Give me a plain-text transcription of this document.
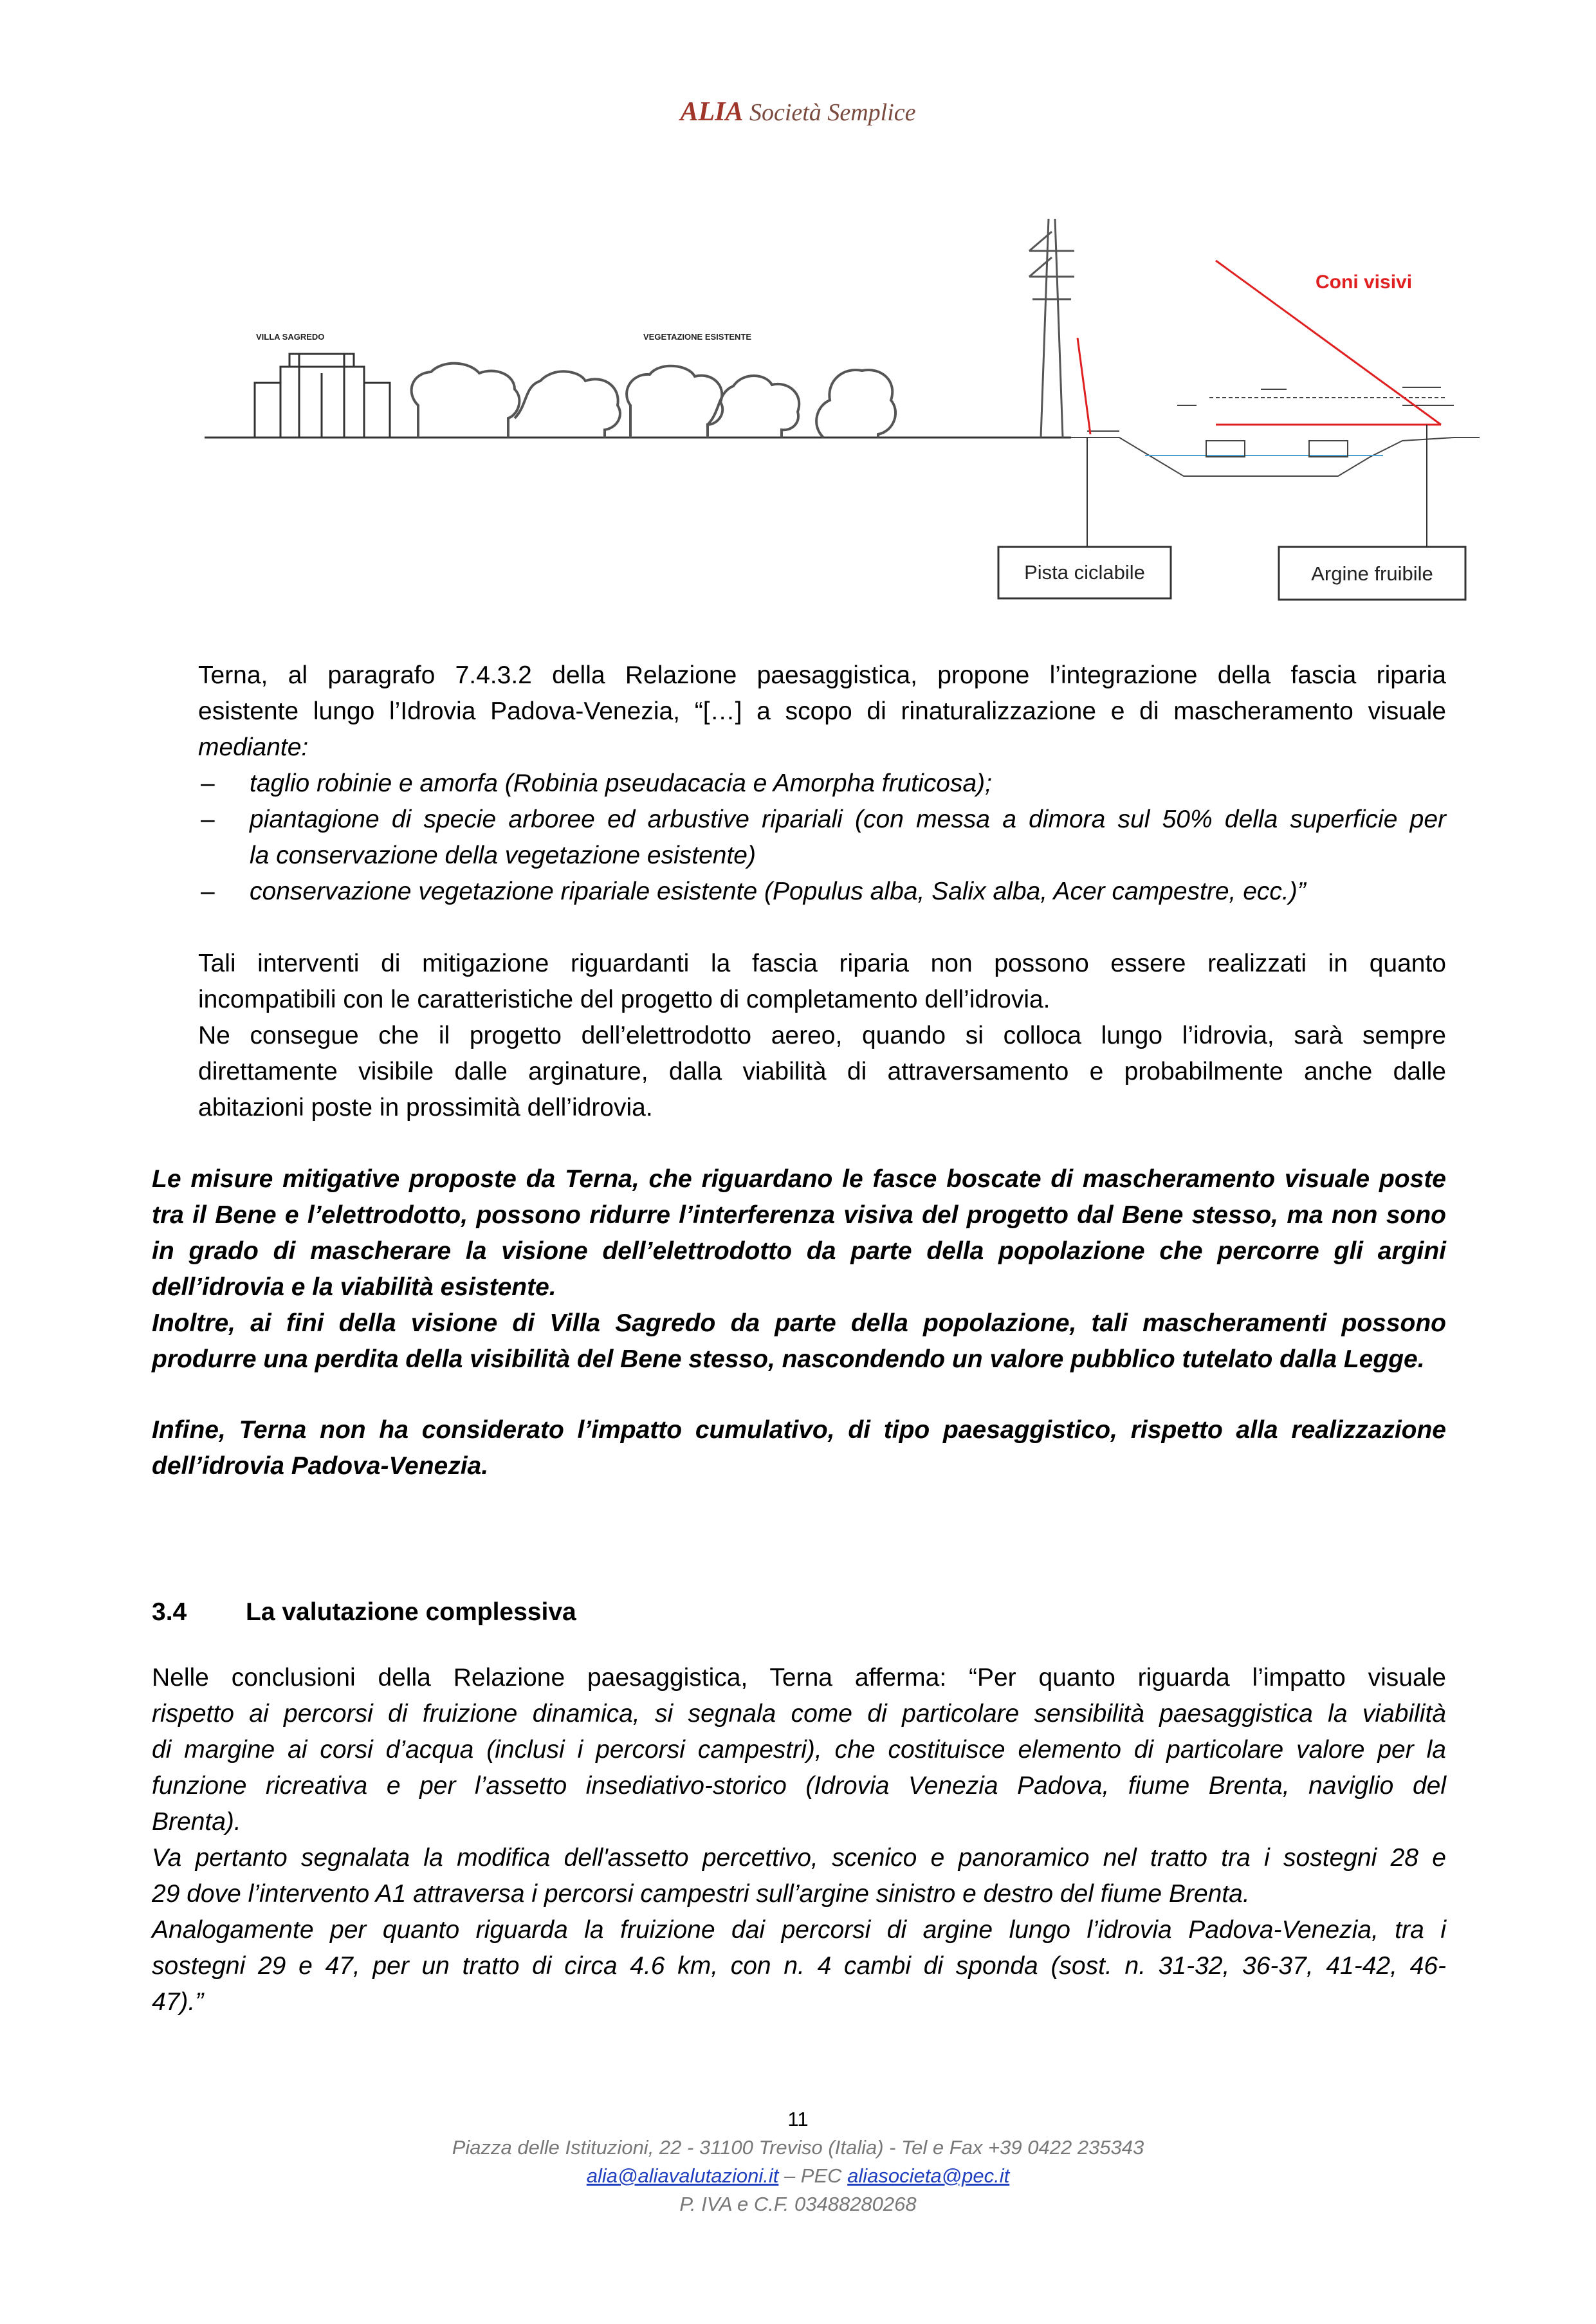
ALIA Società Semplice
VILLA SAGREDO	VEGETAZIONE ESISTENTE
Coni visivi
Pista ciclabile	Argine fruibile
Terna, al paragrafo 7.4.3.2 della Relazione paesaggistica, propone l’integrazione della fascia riparia
esistente lungo l’Idrovia Padova-Venezia, “[…] a scopo di rinaturalizzazione e di mascheramento visuale
mediante:
– taglio robinie e amorfa (Robinia pseudacacia e Amorpha fruticosa);
– piantagione di specie arboree ed arbustive ripariali (con messa a dimora sul 50% della superficie per
la conservazione della vegetazione esistente)
– conservazione vegetazione ripariale esistente (Populus alba, Salix alba, Acer campestre, ecc.)”
Tali interventi di mitigazione riguardanti la fascia riparia non possono essere realizzati in quanto
incompatibili con le caratteristiche del progetto di completamento dell’idrovia.
Ne consegue che il progetto dell’elettrodotto aereo, quando si colloca lungo l’idrovia, sarà sempre
direttamente visibile dalle arginature, dalla viabilità di attraversamento e probabilmente anche dalle
abitazioni poste in prossimità dell’idrovia.
Le misure mitigative proposte da Terna, che riguardano le fasce boscate di mascheramento visuale poste
tra il Bene e l’elettrodotto, possono ridurre l’interferenza visiva del progetto dal Bene stesso, ma non sono
in grado di mascherare la visione dell’elettrodotto da parte della popolazione che percorre gli argini
dell’idrovia e la viabilità esistente.
Inoltre, ai fini della visione di Villa Sagredo da parte della popolazione, tali mascheramenti possono
produrre una perdita della visibilità del Bene stesso, nascondendo un valore pubblico tutelato dalla Legge.
Infine, Terna non ha considerato l’impatto cumulativo, di tipo paesaggistico, rispetto alla realizzazione
dell’idrovia Padova-Venezia.
3.4 La valutazione complessiva
Nelle conclusioni della Relazione paesaggistica, Terna afferma: “Per quanto riguarda l’impatto visuale
rispetto ai percorsi di fruizione dinamica, si segnala come di particolare sensibilità paesaggistica la viabilità
di margine ai corsi d’acqua (inclusi i percorsi campestri), che costituisce elemento di particolare valore per la
funzione ricreativa e per l’assetto insediativo-storico (Idrovia Venezia Padova, fiume Brenta, naviglio del
Brenta).
Va pertanto segnalata la modifica dell'assetto percettivo, scenico e panoramico nel tratto tra i sostegni 28 e
29 dove l’intervento A1 attraversa i percorsi campestri sull’argine sinistro e destro del fiume Brenta.
Analogamente per quanto riguarda la fruizione dai percorsi di argine lungo l’idrovia Padova-Venezia, tra i
sostegni 29 e 47, per un tratto di circa 4.6 km, con n. 4 cambi di sponda (sost. n. 31-32, 36-37, 41-42, 46-
47).”
11
Piazza delle Istituzioni, 22 - 31100 Treviso (Italia) - Tel e Fax +39 0422 235343
alia@aliavalutazioni.it – PEC aliasocieta@pec.it
P. IVA e C.F. 03488280268
